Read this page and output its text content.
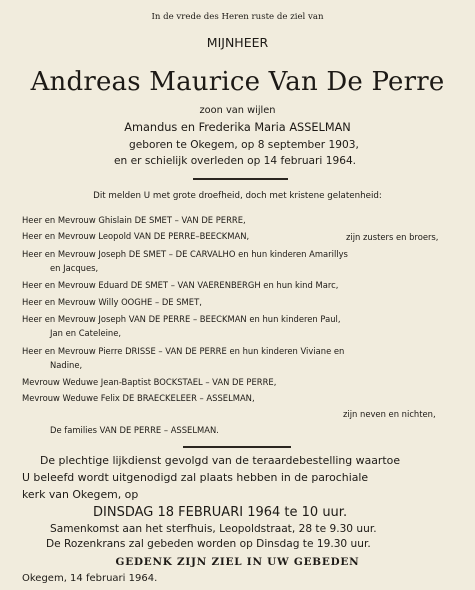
In de vrede des Heren ruste de ziel van
MIJNHEER
Andreas Maurice Van De Perre
zoon van wijlen
Amandus en Frederika Maria ASSELMAN
geboren te Okegem, op 8 september 1903,
en er schielijk overleden op 14 februari 1964.
Dit melden U met grote droefheid, doch met kristene gelatenheid:
Heer en Mevrouw Ghislain DE SMET – VAN DE PERRE,
Heer en Mevrouw Leopold VAN DE PERRE–BEECKMAN,	zijn zusters en broers,
Heer en Mevrouw Joseph DE SMET – DE CARVALHO en hun kinderen Amarillys
en Jacques,
Heer en Mevrouw Eduard DE SMET – VAN VAERENBERGH en hun kind Marc,
Heer en Mevrouw Willy OOGHE – DE SMET,
Heer en Mevrouw Joseph VAN DE PERRE – BEECKMAN en hun kinderen Paul,
Jan en Cateleine,
Heer en Mevrouw Pierre DRISSE – VAN DE PERRE en hun kinderen Viviane en
Nadine,
Mevrouw Weduwe Jean-Baptist BOCKSTAEL – VAN DE PERRE,
Mevrouw Weduwe Felix DE BRAECKELEER – ASSELMAN,
zijn neven en nichten,
De families VAN DE PERRE – ASSELMAN.
De plechtige lijkdienst gevolgd van de teraardebestelling waartoe
U beleefd wordt uitgenodigd zal plaats hebben in de parochiale
kerk van Okegem, op
DINSDAG 18 FEBRUARI 1964 te 10 uur.
Samenkomst aan het sterfhuis, Leopoldstraat, 28 te 9.30 uur.
De Rozenkrans zal gebeden worden op Dinsdag te 19.30 uur.
GEDENK ZIJN ZIEL IN UW GEBEDEN
Okegem, 14 februari 1964.
